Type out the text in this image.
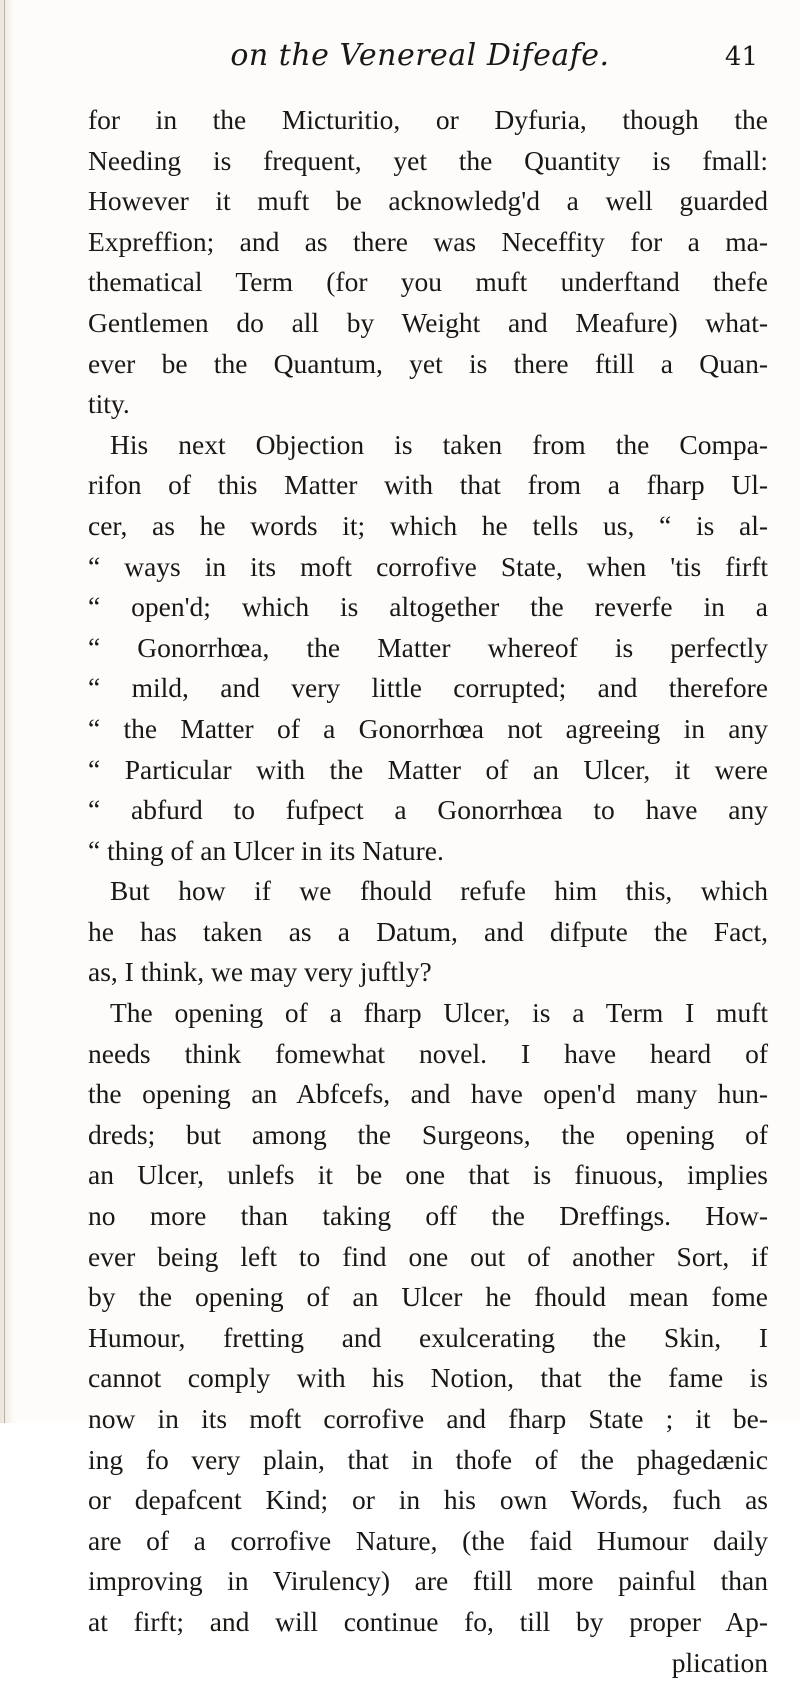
on the Venereal Difeafe.	41
for in the Micturitio, or Dyfuria, though the
Needing is frequent, yet the Quantity is fmall:
However it muft be acknowledg'd a well guarded
Expreffion; and as there was Neceffity for a ma-
thematical Term (for you muft underftand thefe
Gentlemen do all by Weight and Meafure) what-
ever be the Quantum, yet is there ftill a Quan-
tity.
His next Objection is taken from the Compa-
rifon of this Matter with that from a fharp Ul-
cer, as he words it; which he tells us, “ is al-
“ ways in its moft corrofive State, when 'tis firft
“ open'd; which is altogether the reverfe in a
“ Gonorrhœa, the Matter whereof is perfectly
“ mild, and very little corrupted; and therefore
“ the Matter of a Gonorrhœa not agreeing in any
“ Particular with the Matter of an Ulcer, it were
“ abfurd to fufpect a Gonorrhœa to have any
“ thing of an Ulcer in its Nature.
But how if we fhould refufe him this, which
he has taken as a Datum, and difpute the Fact,
as, I think, we may very juftly?
The opening of a fharp Ulcer, is a Term I muft
needs think fomewhat novel. I have heard of
the opening an Abfcefs, and have open'd many hun-
dreds; but among the Surgeons, the opening of
an Ulcer, unlefs it be one that is finuous, implies
no more than taking off the Dreffings. How-
ever being left to find one out of another Sort, if
by the opening of an Ulcer he fhould mean fome
Humour, fretting and exulcerating the Skin, I
cannot comply with his Notion, that the fame is
now in its moft corrofive and fharp State ; it be-
ing fo very plain, that in thofe of the phagedænic
or depafcent Kind; or in his own Words, fuch as
are of a corrofive Nature, (the faid Humour daily
improving in Virulency) are ftill more painful than
at firft; and will continue fo, till by proper Ap-
plication
